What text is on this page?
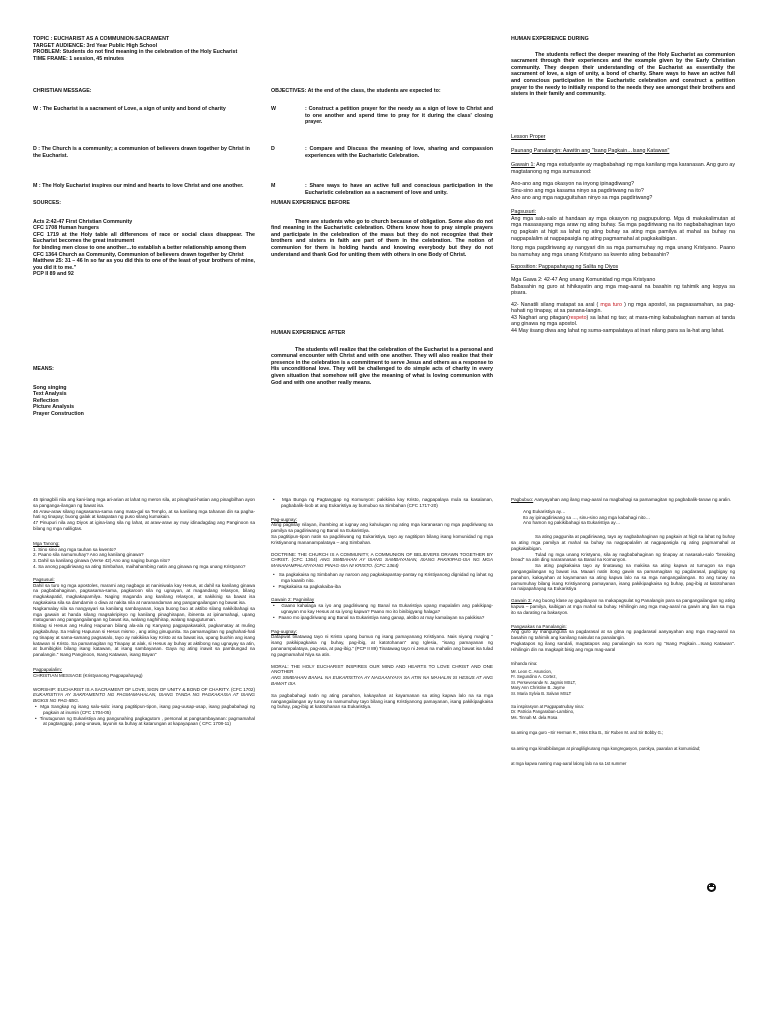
TOPIC : EUCHARIST AS A COMMUNION-SACRAMENT
TARGET AUDIENCE: 3rd Year Public High School
PROBLEM: Students do not find meaning in the celebration of the Holy Eucharist
TIME FRAME: 1 session, 45 minutes

CHRISTIAN MESSAGE:

W : The Eucharist is a sacrament of Love, a sign of unity and bond of charity
D : The Church is a community; a communion of believers drawn together by Christ in the Eucharist.
M : The Holy Eucharist inspires our mind and hearts to love Christ and one another.

SOURCES:

Acts 2:42-47 First Christian Community
CFC 1708 Human hungers
CFC 1719 at the Holy table all differences of race or social class disappear. The Eucharist becomes the great instrument
for binding men close to one another…to establish a better relationship among them
CFC 1364 Church as Community, Communion of believers drawn together by Christ
Matthew 25: 31 – 46 In so far as you did this to one of the least of your brothers of mine, you did it to me.”
PCP II 89 and 92

MEANS:

Song singing
Text Analysis
Reflection
Picture Analysis
Prayer Construction

OBJECTIVES: At the end of the class, the students are expected to:

W	: Construct a petition prayer for the needy as a sign of love to Christ and to one another and spend time to pray for it during the class' closing prayer.
D	: Compare and Discuss the meaning of love, sharing and compassion experiences with the Eucharistic Celebration.
M	: Share ways to have an active full and conscious participation in the Eucharistic celebration as a sacrament of love and unity.

HUMAN EXPERIENCE BEFORE

There are students who go to church because of obligation. Some also do not find meaning in the Eucharistic celebration. Others know how to pray simple prayers and participate in the celebration of the mass but they do not recognize that their brothers and sisters in faith are part of them in the celebration. The notion of communion for them is holding hands and knowing everybody but they do not understand and thank God for uniting them with others in one Body of Christ.

HUMAN EXPERIENCE AFTER

The students will realize that the celebration of the Eucharist is a personal and communal encounter with Christ and with one another. They will also realize that their presence in the celebration is a commitment to serve Jesus and others as a response to His unconditional love. They will be challenged to do simple acts of charity in every given situation that somehow will give the meaning of what is loving communion with God and with one another really means.

HUMAN EXPERIENCE DURING

The students reflect the deeper meaning of the Holy Eucharist as communion sacrament through their experiences and the example given by the Early Christian community. They deepen their understanding of the Eucharist as essentially the sacrament of love, a sign of unity, a bond of charity. Share ways to have an active full and conscious participation in the Eucharistic celebration and construct a petition prayer to the needy to initially respond to the needs they see amongst their brothers and sisters in their family and community.

Lesson Proper

Paunang Panalangin: Aawitin ang "Isang Pagkain…Isang Katawan"

Gawain 1: Ang mga estudyante ay magbabahagi ng mga kanilang mga karanasan. Ang guro ay magtatanong ng mga sumusunod:

Ano-ano ang mga okasyon na inyong ipinagdiwang?
Sinu-sino ang mga kasama ninyo sa pagdiriwang na ito?
Ano ano ang mga naguguituhan ninyo sa mga pagdiriwang?

Pagsusuri:

Ang mga salu-salo at handaan ay mga okasyon ng pagpupulong. Mga di makakalimutan at mga masasayang mga araw ng ating buhay. Sa mga pagdiriwang na ito nagbabahaginan tayo ng pagkain at higit sa lahat ng ating buhay sa ating mga pamilya at mahal sa buhay na nagpapalalim at nagpapasigla ng ating pagmamahal at pagkakaibigan.

Itong mga pagdiriwang ay nangyari din sa mga pamumuhay ng mga unang Kristyano. Paano ba namuhay ang mga unang Kristyano sa kwento ating bebasahin?

Exposition: Pagpapahayag ng Salita ng Diyos

Mga Gawa 2: 42-47 Ang unang Komunidad ng mga Kristyano
Babasahin ng guro at hihikayatin ang mga mag-aaral na basahin ng tahimik ang kopya sa pisara.

42- Nanatili silang matapat sa aral ( mga turo ) ng mga apostol, sa pagsasamahan, sa pag-hahati ng tinapay, at sa panana-langin.
43 Naghari ang pitagan(respeto) sa lahat ng tao; at mara-ming kababalaghan naman at tanda ang ginawa ng mga apostol.
44 May iisang diwa ang lahat ng suma-sampalataya at inari nilang para sa la-hat ang lahat.
45 Ipinagbili nila ang kani-lang mga ari-arian at lahat ng meron sila, at pinaghati-hatian ang pinagbilhan ayon sa panganga-ilangan ng bawat isa.
46 Araw-araw silang nagsasama-sama nang mata-gal sa Templo, at sa kanilang mga tahanan din sa pagha-hati ng tinapay; buong galak at katapatan ng puso silang kumakain.
47 Pinupuri nila ang Diyos at igina-lang sila ng lahat, at araw-araw ay may idinadagdag ang Panginoon sa bilang ng mga naliligtas.

Mga Tanong:

1. Sino sino ang mga tauhan sa kwento?
2. Paano sila namumuhay? Ano ang kanilang ginawa?
3. Dahil sa kanilang ginawa (Verse 42) Ano ang naging bunga nito?
4. Sa anong pagdiriwang sa ating Simbahan, maihahambing natin ang ginawa ng mga unang Kristyano?

Pagsusuri:

Dahil sa turo ng mga apostoles, marami ang nagbago at naniniwala kay Hesus, at dahil sa kanilang ginawa na pagbabahaginan, pagsasama-sama, pagkaroon sila ng ugnayan, at magandang relasyon, bilang magkakapatid, magkakapamilya. Naging maganda ang kanilang relasyon, at nakikinig sa bawat isa nagkakaisa sila sa damdamin o diwa at nakita nila at naranandaman ang pangangailangan ng bawat isa.
Nagkamalay sila sa nangyayari sa kanilang sambayanan, kaya buong buo at aktibo silang nakikibahagi sa mga gawain at handa silang magsakripisyo ng kanilang pinaghirapan, ibinenta at ipinamahagi, upang matugunan ang pangangailangan ng bawat isa, walang naghihirap, walang nagugutuman.
Itinitag si Hesus ang Huling Hapunan bilang ala-ala ng Kanyang pagpapakasakit, pagkamatay at muling pagkabuhay. Sa Huling Hapunan si Hesus mismo , ang ating ginugunita. Sa pamamagitan ng paghahati-hati ng tinapay at sama-samang pagsasalo, tayo ay nakikiisa kay Kristo at sa bawat isa, upang buohin ang isang katawan ni Kristo. Sa pamamagitan ng Tinapay at alak, si Hesus ay buhay at aktibong nag ugnayay sa atin, at bumibigkis bilang isang katawan, at isang sambayanan. Gaya ng ating inawit sa pambungad na panalangin." Isang Panginoon, Isang Katawan, isang Bayan"

Pagpapalalim:

CHRISTIAN MESSAGE (Kristyanong Pagpapahayag)

WORSHIP: EUCHARIST IS A SACRAMENT OF LOVE, SIGN OF UNITY & BOND OF CHARITY. (CFC 1702) EUKARISTIYA AY SAKRAMENTO NG PAGMAMAHALAN, ISANG TANDA NG PAGKAKAISA AT ISANG BIGKIS NG PAG-IBIG.

•  Mga Sangkap ng isang salu-salo: isang pagtitipun-tipon, isang pag-uusap-usap, isang pagbabahagi ng pagkain at inumin (CFC 1704-05)
•  Tinutugunan ng Eukaristiya ang pangunahing pagkagutom , personal at pangsambayanan: pagmamahal at pagtanggap, pang-unawa, layunin sa buhay at katarungan at kapayapaan ( CFC 1708-11)
•   Mga Bunga ng Pagtanggap ng Komunyon: pakikiisa kay Kristo, nagpapalaya mula sa kasalanan, pagbabalik-loob at ang Eukaristiya ay bumubuo sa Simbahan (CFC 1717-20)

Pag-uugnay:

Ating pagnilay nilayan, ihambing at iugnay ang kahulugan ng ating mga karanasan ng mga pagdiriwang sa pamilya sa pagdiriwang ng Banal na Eukaristiya.

Sa pagtitipun-tipon natin sa pagdiriwang ng Eukaristiya, tayo ay nagtitipon bilang isang komunidad ng mga Kristiyanong mananampalataya – ang Simbahan.

DOCTRINE: THE CHURCH IS A COMMUNITY, A COMMUNION OF BELIEVERS DRAWN TOGETHER BY CHRIST. (CFC 1364) ANG SIMBAHAN AY ISANG SAMBAYANAN, ISANG PAKIKIPAG-ISA NG MGA MANANAMPALATAYANG PINAG-ISA NI KRISTO. (CFC 1364)

•   Sa pagkakaisa ng Simbahan ay naroon ang pagkakapantay-pantay ng Kristiyanong dignidad ng lahat ng mga kaanib nito.
•   Pagkakaisa sa pagkakaiba-iba

Gawain 2: Pagninilay

•   Gaano kahalaga sa iyo ang pagdiriwang ng Banal na Eukaristiya upang mapalalim ang pakikipag-ugnayan mo kay Hesus at sa iyong kapwa? Paano mo ito binibigyang halaga?
•   Paano mo ipagdiriwang ang Banal na Eukaristiya nang ganap, aktibo at may kamalayan na pakikisa?

Pag-uugnay:

Datapwat tinatawag tayo ni Kristo upang bumuo ng isang pamayanang Kristiyano. Nais niyang maging " isang pakikipagkaisa ng buhay, pag-ibig, at katotohanan" ang Iglesia, "isang pamayanan ng pananampalataya, pag-asa, at pag-ibig." (PCP II 89) Tinatawag tayo ni Jesus na mahalin ang bawat isa tulad ng pagmamahal Niya sa atin.

MORAL: THE HOLY EUCHARIST INSPIRES OUR MIND AND HEARTS TO LOVE CHRIST AND ONE ANOTHER

ANG SIMBAHAN BANAL NA EUKARISTIYA AY NAGAANYAYA SA ATIN NA MAHALIN SI HESUS AT ANG BAWAT ISA

Sa pagbabahagi natin ng ating panahon, kakayahan at kayamanan sa ating kapwa lalo na sa mga nangangailangan ay tunay na namumuhay tayo bilang isang Kristiyanong pamayanan, isang pakikipagkaisa ng buhay, pag-ibig at katotohanan sa Eukaristiya.

Pagbubuo: Aanyayahan ang ilang mag-aaral na magbahagi sa pamamagitan ng pagbabalik-tanaw ng aralin.

Ang Eukaristiya ay…
Ito ay ipinagdiriwang sa …, sinu-sino ang mga kabahagi nito…
Ano hamon ng pakikibahagi sa Eukaristiya ay…
Sa ating paggunita at pagdiriwang, tayo ay nagbabahaginan ng pagkain at higit sa lahat ng buhay sa ating mga pamilya at mahal sa buhay na nagpapalalim at nagpapasigla ng ating pagmamahal at pagkakaibigan.
Tulad ng mga unang Kristyano, sila ay nagbabahaginan ng tinapay at nasasalu-salo "breaking bread" na atin ding nararanasan sa Banal na Komunyon.

Sa ating pagkakaisa tayo ay tinatawag na makiisa sa ating kapwa at tumugon sa mga pangangailangan ng bawat isa. Maaari natin itong gawin sa pamamagitan ng pagdarasal, pagbigay ng panahon, kakayahan at kayamanan sa ating kapwa lalo na sa mga nangangailangan. Ito ang tunay na pamumuhay bilang isang Kristiyanong pamayanan, isang pakikipagkaisa ng buhay, pag-ibig at katotohanan na naipapahayag sa Eukaristiya

Gawain 3: Ang buong klase ay gagabayan na makapagsulat ng Panalangin para sa pangangailangan ng ating kapwa – pamilya, kaibigan at mga mahal sa buhay. Hihilingin ang mga mag-aaral na gawin ang ilan sa mga ito sa darating na bakasyon.

Pangwakas na Panalangin:

Ang guro ay mangunguna sa pagdarasal at sa gitna ng pagdarasal aanyayahan ang mga mag-aaral na basahin ng tahimik ang kanilang naisulat na panalangin.

Pagkatapos ng ilang sandali, magtatapos ang panalangin sa Koro ng "Isang Pagkain…Isang Katawan". Hihilingin din na magkapit bisig ang mga mag-aaral

Inihanda nina:
Mr. Leon C. Asuncion,
Fr. Segundino A. Cortez,
Sr. Perseverande N. Jagmis MSLT,
Mary Ann Christine B. Jayme
Sr. Maria Sylvia B. Salvan MSLT
Sa inspirasyon at Pagpapatnubay nina:
Dr. Patricia Pangaraban-Lambino,
Ms. Tinnah M. dela Rosa
sa aming mga guro –Sir Herman R., Miss Elsa B., Sir Ruben M. and Sir Bobby G.;
sa aming mga kinabibilangan at pinagliligkurang mga kongregasyon, parokya, paaralan at komunidad;
at mga kapwa naming mag-aaral lalong lalo na sa 1st summer
